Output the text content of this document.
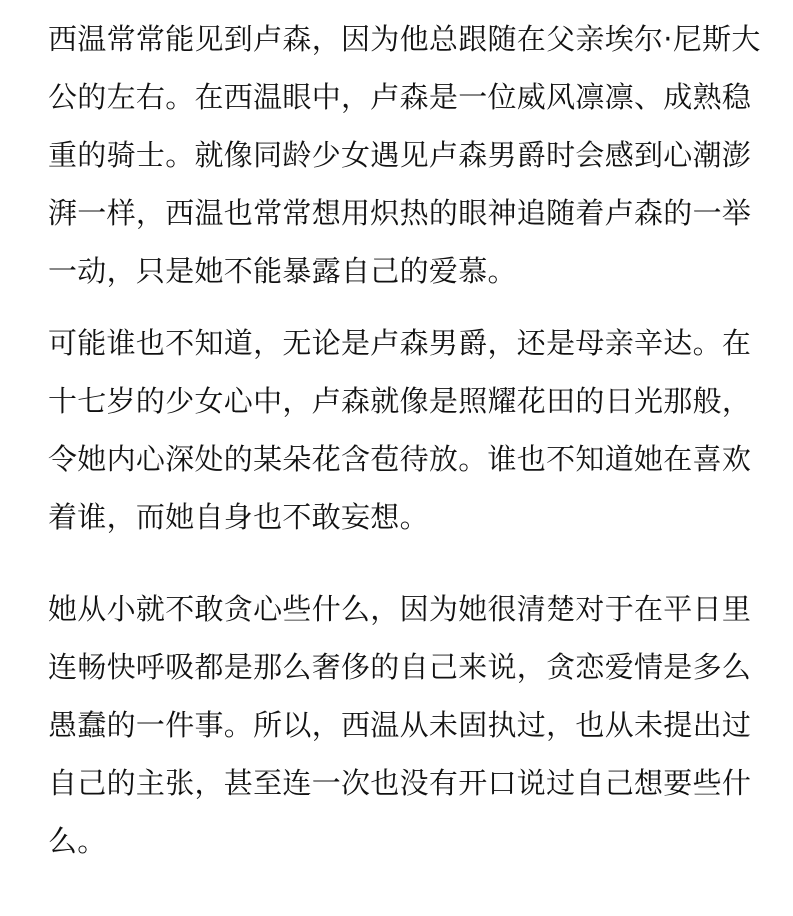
西温常常能见到卢森，因为他总跟随在父亲埃尔·尼斯大
公的左右。在西温眼中，卢森是一位威风凛凛、成熟稳
重的骑士。就像同龄少女遇见卢森男爵时会感到心潮澎
湃一样，西温也常常想用炽热的眼神追随着卢森的一举
一动，只是她不能暴露自己的爱慕。
可能谁也不知道，无论是卢森男爵，还是母亲辛达。在
十七岁的少女心中，卢森就像是照耀花田的日光那般，
令她内心深处的某朵花含苞待放。谁也不知道她在喜欢
着谁，而她自身也不敢妄想。
她从小就不敢贪心些什么，因为她很清楚对于在平日里
连畅快呼吸都是那么奢侈的自己来说，贪恋爱情是多么
愚蠢的一件事。所以，西温从未固执过，也从未提出过
自己的主张，甚至连一次也没有开口说过自己想要些什
么。
